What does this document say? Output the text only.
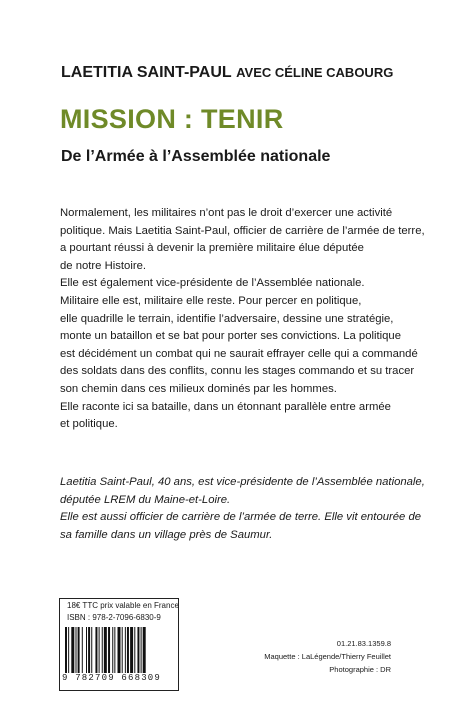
LAETITIA SAINT-PAUL AVEC CÉLINE CABOURG
MISSION : TENIR
De l’Armée à l’Assemblée nationale
Normalement, les militaires n’ont pas le droit d’exercer une activité
politique. Mais Laetitia Saint-Paul, officier de carrière de l’armée de terre,
a pourtant réussi à devenir la première militaire élue députée
de notre Histoire.
Elle est également vice-présidente de l’Assemblée nationale.
Militaire elle est, militaire elle reste. Pour percer en politique,
elle quadrille le terrain, identifie l’adversaire, dessine une stratégie,
monte un bataillon et se bat pour porter ses convictions. La politique
est décidément un combat qui ne saurait effrayer celle qui a commandé
des soldats dans des conflits, connu les stages commando et su tracer
son chemin dans ces milieux dominés par les hommes.
Elle raconte ici sa bataille, dans un étonnant parallèle entre armée
et politique.
Laetitia Saint-Paul, 40 ans, est vice-présidente de l’Assemblée nationale,
députée LREM du Maine-et-Loire.
Elle est aussi officier de carrière de l’armée de terre. Elle vit entourée de
sa famille dans un village près de Saumur.
18€ TTC prix valable en France
ISBN : 978-2-7096-6830-9
9 782709 668309
01.21.83.1359.8
Maquette : LaLégende/Thierry Feuillet
Photographie : DR
